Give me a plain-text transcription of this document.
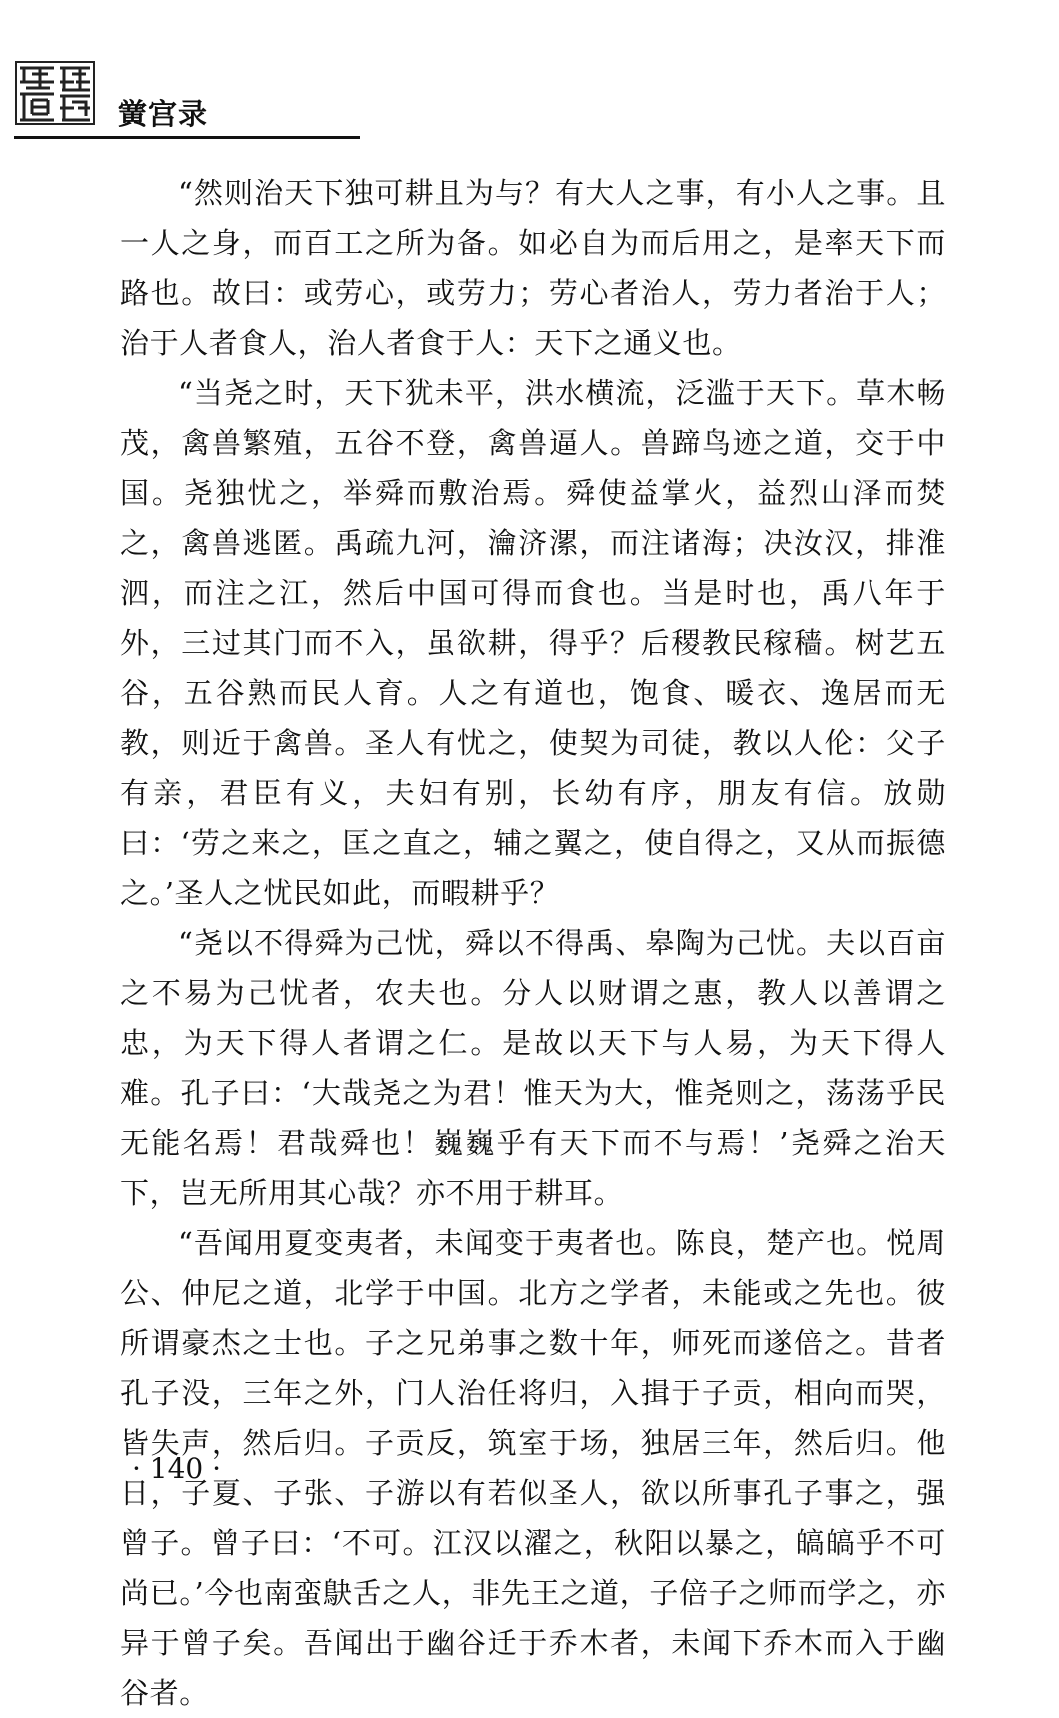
黉宫录

“然则治天下独可耕且为与？有大人之事，有小人之事。且一人之身，而百工之所为备。如必自为而后用之，是率天下而路也。故曰：或劳心，或劳力；劳心者治人，劳力者治于人；治于人者食人，治人者食于人：天下之通义也。

“当尧之时，天下犹未平，洪水横流，泛滥于天下。草木畅茂，禽兽繁殖，五谷不登，禽兽逼人。兽蹄鸟迹之道，交于中国。尧独忧之，举舜而敷治焉。舜使益掌火，益烈山泽而焚之，禽兽逃匿。禹疏九河，瀹济漯，而注诸海；决汝汉，排淮泗，而注之江，然后中国可得而食也。当是时也，禹八年于外，三过其门而不入，虽欲耕，得乎？后稷教民稼穑。树艺五谷，五谷熟而民人育。人之有道也，饱食、暖衣、逸居而无教，则近于禽兽。圣人有忧之，使契为司徒，教以人伦：父子有亲，君臣有义，夫妇有别，长幼有序，朋友有信。放勋曰：‘劳之来之，匡之直之，辅之翼之，使自得之，又从而振德之。’圣人之忧民如此，而暇耕乎？

“尧以不得舜为己忧，舜以不得禹、皋陶为己忧。夫以百亩之不易为己忧者，农夫也。分人以财谓之惠，教人以善谓之忠，为天下得人者谓之仁。是故以天下与人易，为天下得人难。孔子曰：‘大哉尧之为君！惟天为大，惟尧则之，荡荡乎民无能名焉！君哉舜也！巍巍乎有天下而不与焉！’尧舜之治天下，岂无所用其心哉？亦不用于耕耳。

“吾闻用夏变夷者，未闻变于夷者也。陈良，楚产也。悦周公、仲尼之道，北学于中国。北方之学者，未能或之先也。彼所谓豪杰之士也。子之兄弟事之数十年，师死而遂倍之。昔者孔子没，三年之外，门人治任将归，入揖于子贡，相向而哭，皆失声，然后归。子贡反，筑室于场，独居三年，然后归。他日，子夏、子张、子游以有若似圣人，欲以所事孔子事之，强曾子。曾子曰：‘不可。江汉以濯之，秋阳以暴之，皜皜乎不可尚已。’今也南蛮鴃舌之人，非先王之道，子倍子之师而学之，亦异于曾子矣。吾闻出于幽谷迁于乔木者，未闻下乔木而入于幽谷者。

· 140 ·
